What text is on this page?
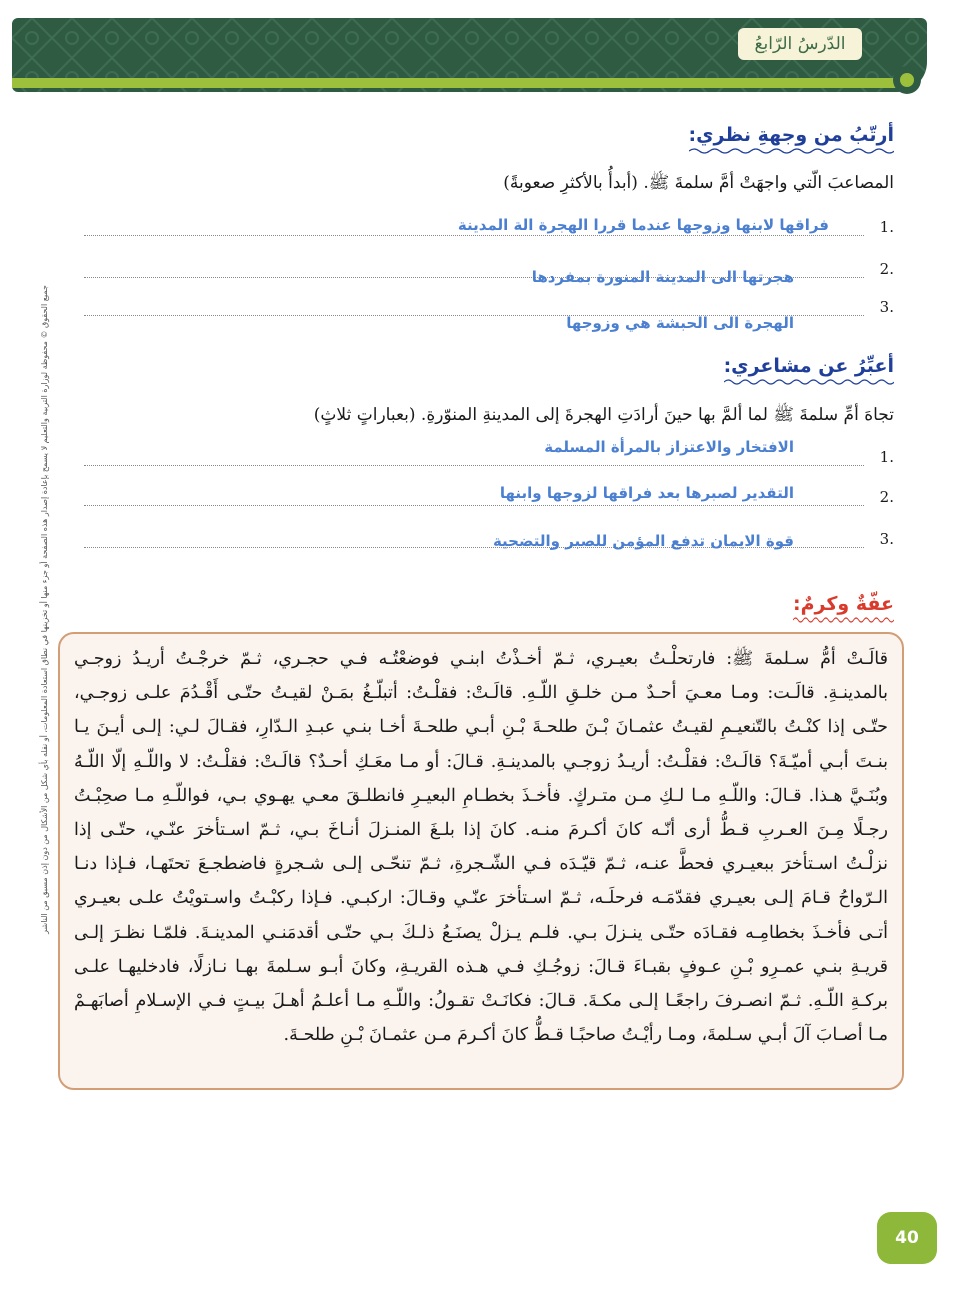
الدّرسُ الرّابعُ
جميع الحقوق © محفوظة لوزارة التربية والتعليم لا يسمح بإعادة إصدار هذه الصفحة أو جزء منها أو تخزينها في نطاق استعادة المعلومات، أو نقله بأي شكل من الأشكال من دون إذن مسبق من الناشر
أرتّبُ من وجهةِ نظري:
المصاعبَ الّتي واجهَتْ أمَّ سلمةَ ﷺ. (أبدأُ بالأكثرِ صعوبةً)
.1
فراقها لابنها وزوجها عندما قررا الهجرة الة المدينة
.2
هجرتها الى المدينة المنورة بمفردها
.3
الهجرة الى الحبشة هي وزوجها
أعبِّرُ عن مشاعري:
تجاهَ أمِّ سلمةَ ﷺ لما ألمَّ بها حينَ أرادَتِ الهجرةَ إلى المدينةِ المنوّرةِ. (بعباراتٍ ثلاثٍ)
.1
الافتخار والاعتزاز بالمرأة المسلمة
.2
التقدير لصبرها بعد فراقها لزوجها وابنها
.3
قوة الايمان تدفع المؤمن للصبر والتضحية
عفّةٌ وكرمٌ:

قالَـتْ أمُّ سـلمةَ ﷺ: فارتحلْـتُ بعيـري، ثـمّ أخـذْتُ ابنـي فوضعْتُـه فـي حجـري، ثـمّ خرجْـتُ أريـدُ زوجـي

بالمدينـةِ. قالَـت: ومـا معـيَ أحـدٌ مـن خلـقِ اللّـهِ. قالَـتْ: فقلْـتُ: أتبلّـغُ بمَـنْ لقيـتُ حتّـى أَقْـدُمَ علـى زوجـي،

حتّـى إذا كنْـتُ بالتّنعيـمِ لقيـتُ عثمـانَ بْـنَ طلحـةَ بْـنِ أبـي طلحـةَ أخـا بنـي عبـدِ الـدّارِ، فقـالَ لـي: إلـى أيـنَ يـا

بنـتَ أبـي أميّـةَ؟ قالَـتْ: فقلْـتُ: أريـدُ زوجـي بالمدينـةِ. قـالَ: أو مـا معَـكِ أحـدٌ؟ قالَـتْ: فقلْـتُ: لا واللّـهِ إلّا اللّـهُ

وبُنَـيَّ هـذا. قـالَ: واللّـهِ مـا لـكِ مـن متـركٍ. فأخـذَ بخطـامِ البعيـرِ فانطلـقَ معـي يهـوي بـي، فواللّـهِ مـا صحِبْـتُ

رجـلًا مِـنَ العـربِ قـطُّ أرى أنّـه كانَ أكـرمَ منـه. كانَ إذا بلـغَ المنـزلَ أنـاخَ بـي، ثـمّ اسـتأخرَ عنّـي، حتّـى إذا

نزلْـتُ اسـتأخرَ ببعيـري فحطَّ عنـه، ثـمّ قيّـدَه فـي الشّـجرةِ، ثـمّ تنحّـى إلـى شـجرةٍ فاضطجـعَ تحتَهـا، فـإذا دنـا

الـرّواحُ قـامَ إلـى بعيـري فقدّمَـه فرحلَـه، ثـمّ اسـتأخرَ عنّـي وقـالَ: اركبـي. فـإذا ركبْـتُ واسـتويْتُ علـى بعيـري

أتـى فأخـذَ بخطامِـه فقـادَه حتّـى ينـزلَ بـي. فلـم يـزلْ يصنَـعُ ذلـكَ بـي حتّـى أقدمَنـي المدينـةَ. فلمّـا نظـرَ إلـى

قريـةِ بنـي عمـرِو بْـنِ عـوفٍ بقبـاءَ قـالَ: زوجُـكِ فـي هـذه القريـةِ، وكانَ أبـو سـلمةَ بهـا نـازلًا، فادخليهـا علـى

بركـةِ اللّـهِ. ثـمّ انصـرفَ راجعًـا إلـى مكـةَ. قـالَ: فكانَـتْ تقـولُ: واللّـهِ مـا أعلـمُ أهـلَ بيـتٍ فـي الإسـلامِ أصابَهـمْ

مـا أصـابَ آلَ أبـي سـلمةَ، ومـا رأيْـتُ صاحبًـا قـطُّ كانَ أكـرمَ مـن عثمـانَ بْـنِ طلحـةَ.

40
